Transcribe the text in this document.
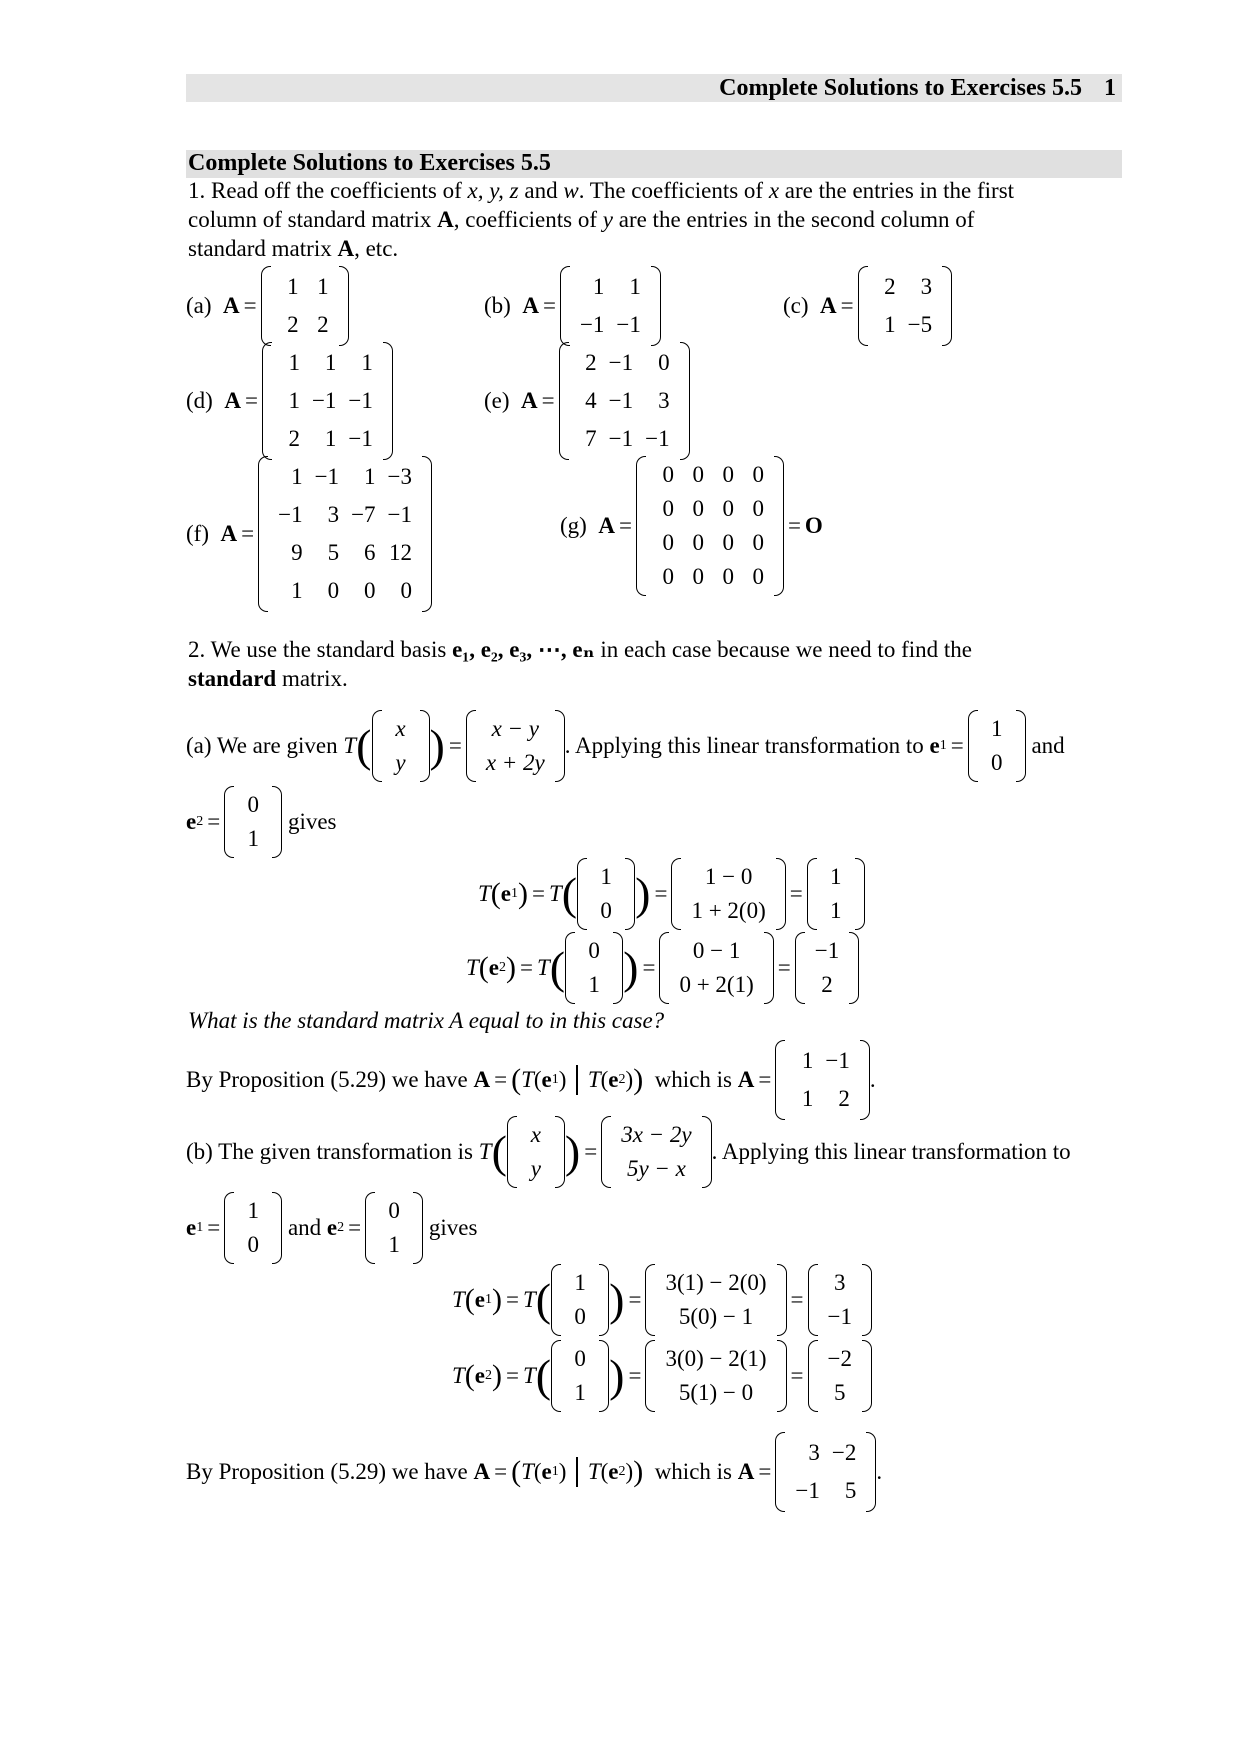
Complete Solutions to Exercises 5.5 1
Complete Solutions to Exercises 5.5
1. Read off the coefficients of x, y, z and w. The coefficients of x are the entries in the first
column of standard matrix A, coefficients of y are the entries in the second column of
standard matrix A, etc.
(a)
A =
1 1
2 2
(b)
A =
1	1
−1 −1
(c)
A =
2	3
1 −5
(d)
A =
1	1	1
1 −1 −1
2	1 −1
(e)
A =
2 −1	0
4 −1	3
7 −1 −1
(f)
A =
1 −1	1 −3
−1	3 −7 −1
9	5	6 12
1	0	0	0
(g)
A =
0 0 0 0
0 0 0 0
0 0 0 0
0 0 0 0
= O
2. We use the standard basis e₁, e₂, e₃, ⋯, eₙ in each case because we need to find the
standard matrix.
(a) We are given
T (	x
y ) =
x − y
x + 2y
. Applying this linear transformation to
e 1 =
1
0

and
e 2 =
0
1

gives
T ( e 1 ) = T (	1
0 ) =
1 − 0
1 + 2(0)
=
1
1
T ( e 2 ) = T (	0
1 ) =
0 − 1
0 + 2(1)
=
−1
2
What is the standard matrix A equal to in this case?
By Proposition (5.29) we have
A = ( T ( e 1 ) T ( e 2 ) )
which is
A =
1 −1
1	2
.
(b) The given transformation is
T (	x
y ) =
3x − 2y
5y − x
. Applying this linear transformation to
e 1 =
1
0

and
e 2 =
0
1

gives
T ( e 1 ) = T (	1
0 ) =
3(1) − 2(0)
5(0) − 1
=
3
−1
T ( e 2 ) = T (	0
1 ) =
3(0) − 2(1)
5(1) − 0
=
−2
5
By Proposition (5.29) we have
A = ( T ( e 1 ) T ( e 2 ) )
which is
A =
3 −2
−1	5
.
